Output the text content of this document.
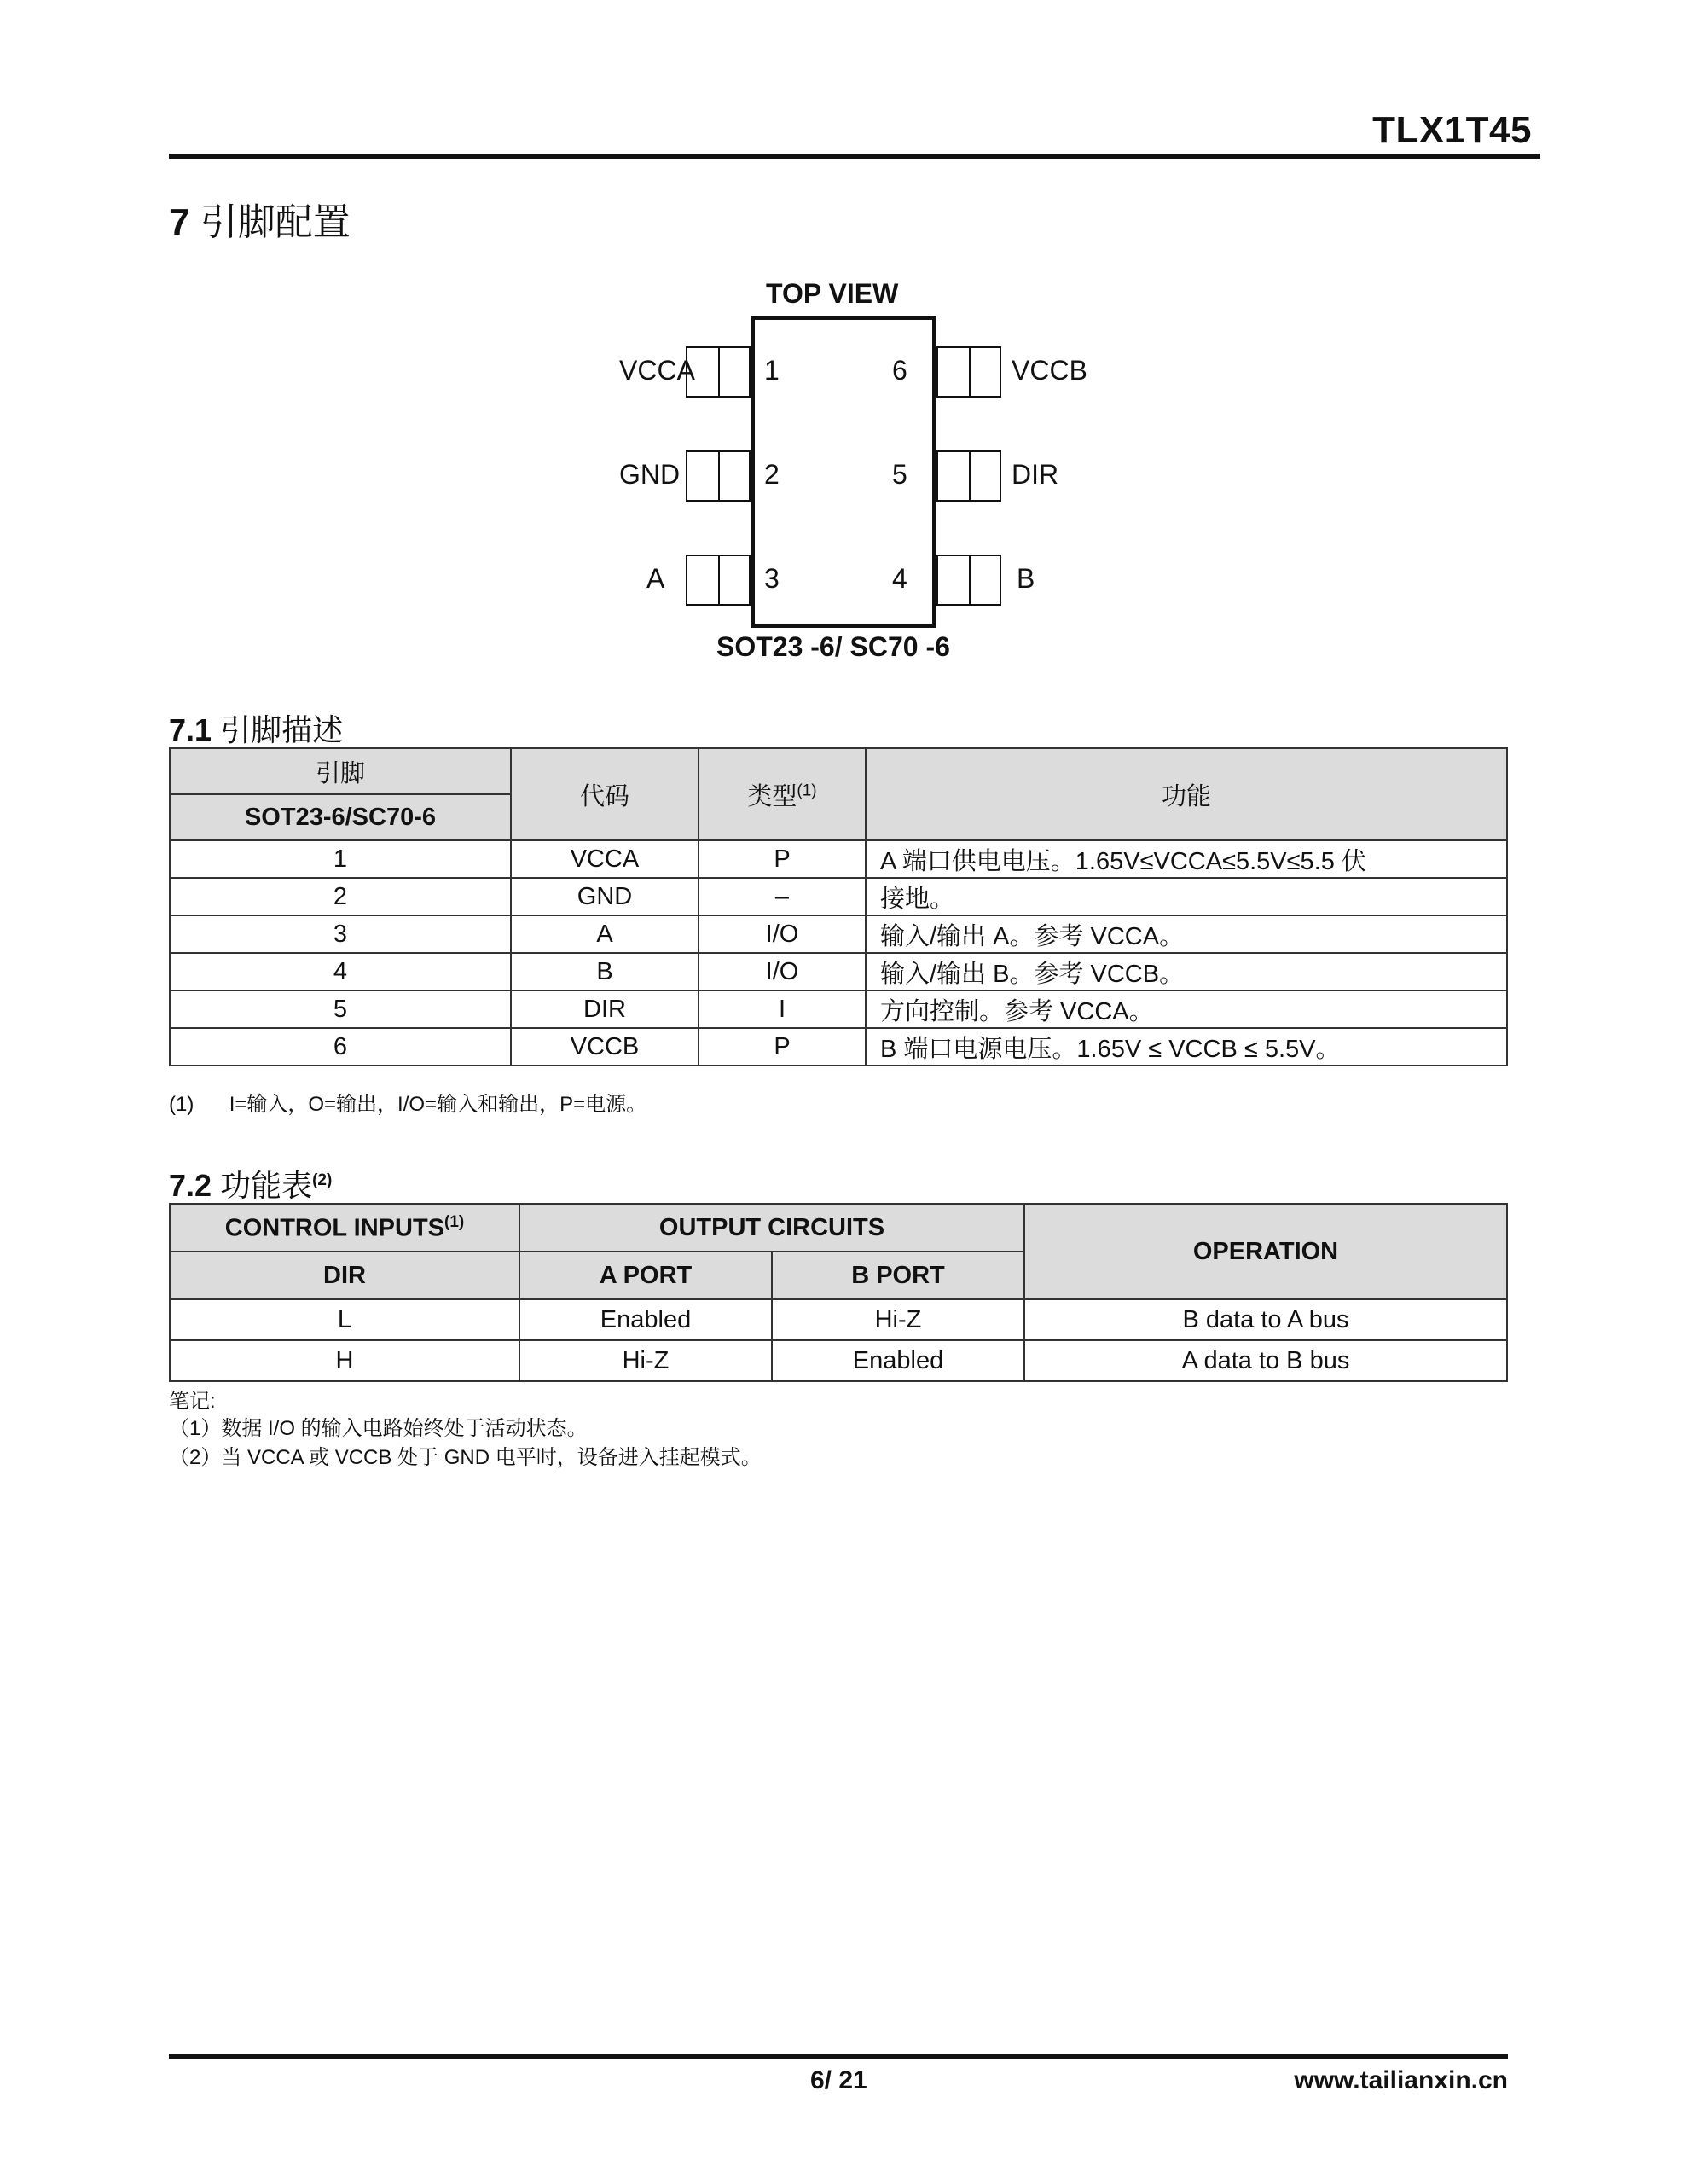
TLX1T45
7 引脚配置
TOP VIEW
VCCA
GND
A
1
2
3
6
5
4
VCCB
DIR
B
SOT23 -6/ SC70 -6
7.1 引脚描述
引脚	代码	类型$^{(1)}$	功能
SOT23-6/SC70-6			
1	VCCA	P	A 端口供电电压。1.65V≤VCCA≤5.5V≤5.5 伏
2	GND	–	接地。
3	A	I/O	输入/输出 A。参考 VCCA。
4	B	I/O	输入/输出 B。参考 VCCB。
5	DIR	I	方向控制。参考 VCCA。
6	VCCB	P	B 端口电源电压。1.65V ≤ VCCB ≤ 5.5V。
(1) I=输入，O=输出，I/O=输入和输出，P=电源。
7.2 功能表$^{(2)}$
CONTROL INPUTS$^{(1)}$	OUTPUT CIRCUITS		OPERATION
DIR	A PORT	B PORT	
L	Enabled	Hi-Z	B data to A bus
H	Hi-Z	Enabled	A data to B bus
笔记:
（1）数据 I/O 的输入电路始终处于活动状态。
（2）当 VCCA 或 VCCB 处于 GND 电平时，设备进入挂起模式。
6/ 21	www.tailianxin.cn
